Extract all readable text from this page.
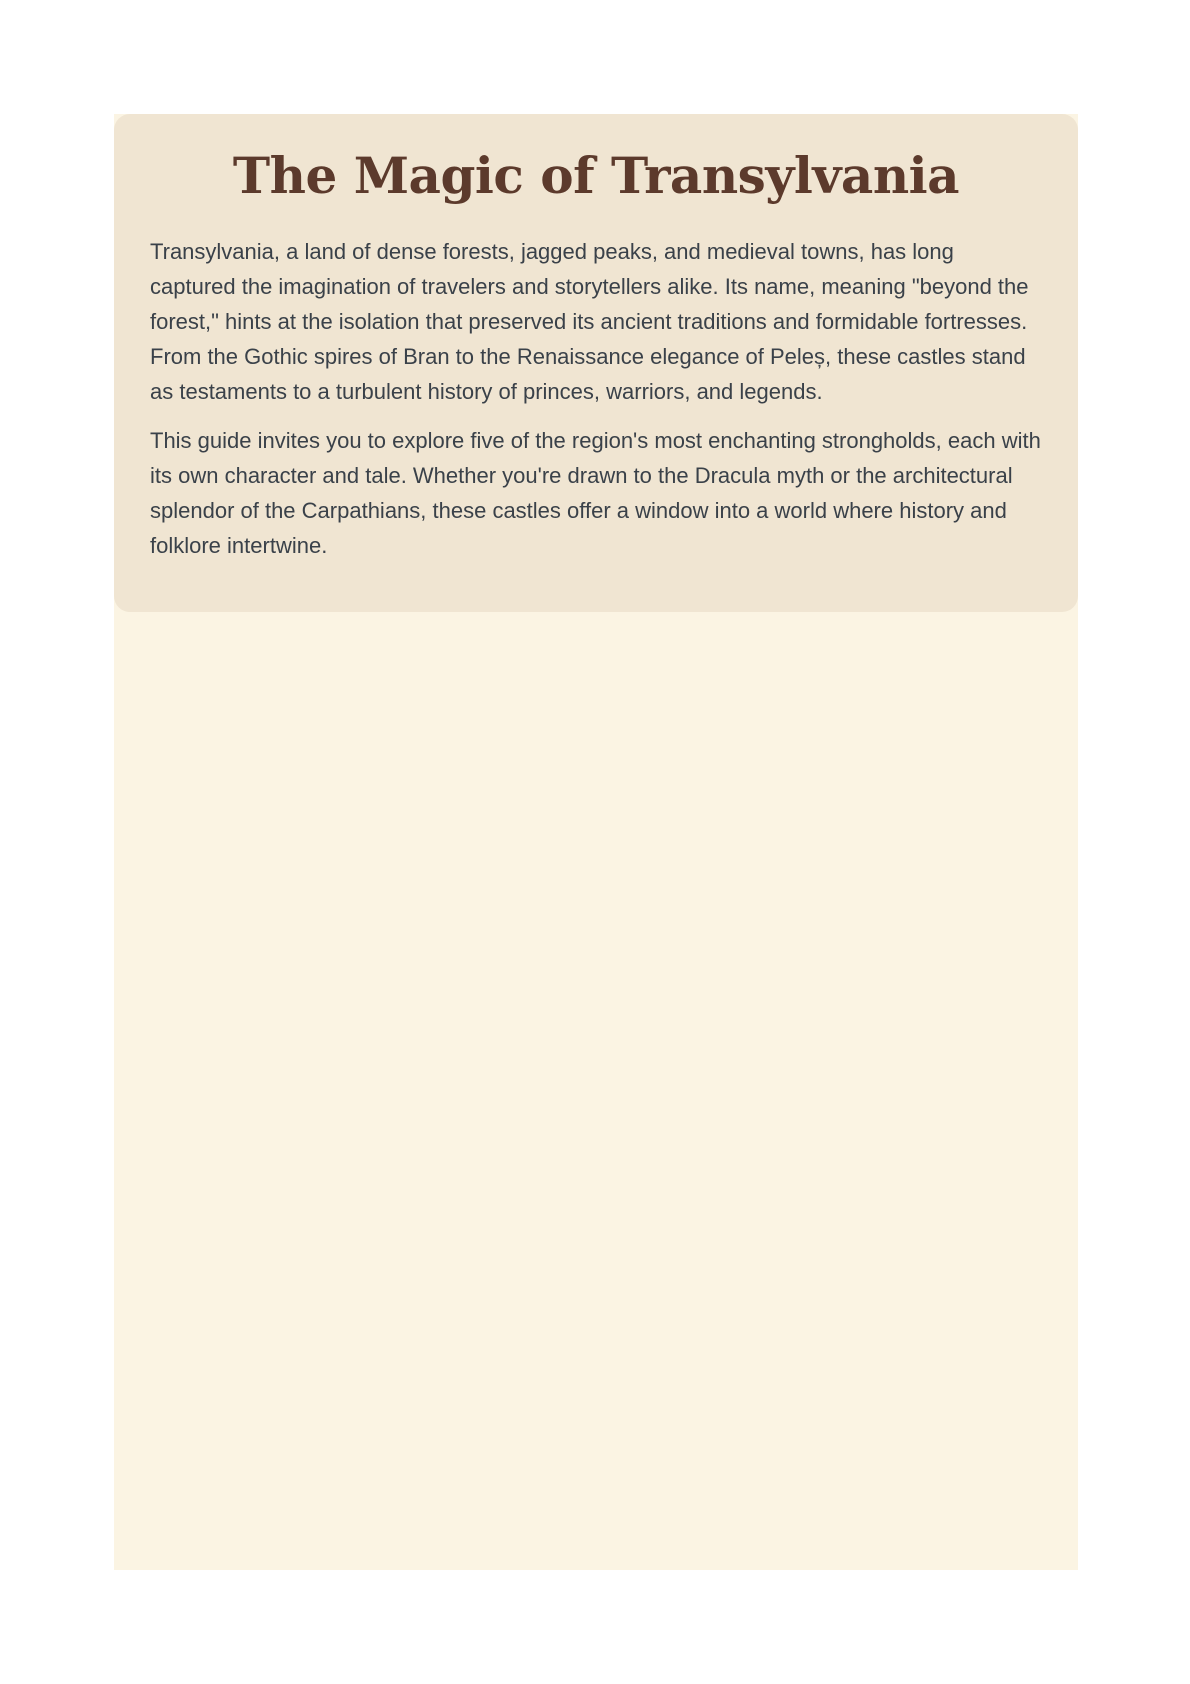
The Magic of Transylvania

Transylvania, a land of dense forests, jagged peaks, and medieval towns, has long captured the imagination of travelers and storytellers alike. Its name, meaning "beyond the forest," hints at the isolation that preserved its ancient traditions and formidable fortresses. From the Gothic spires of Bran to the Renaissance elegance of Peleș, these castles stand as testaments to a turbulent history of princes, warriors, and legends.

This guide invites you to explore five of the region's most enchanting strongholds, each with its own character and tale. Whether you're drawn to the Dracula myth or the architectural splendor of the Carpathians, these castles offer a window into a world where history and folklore intertwine.
